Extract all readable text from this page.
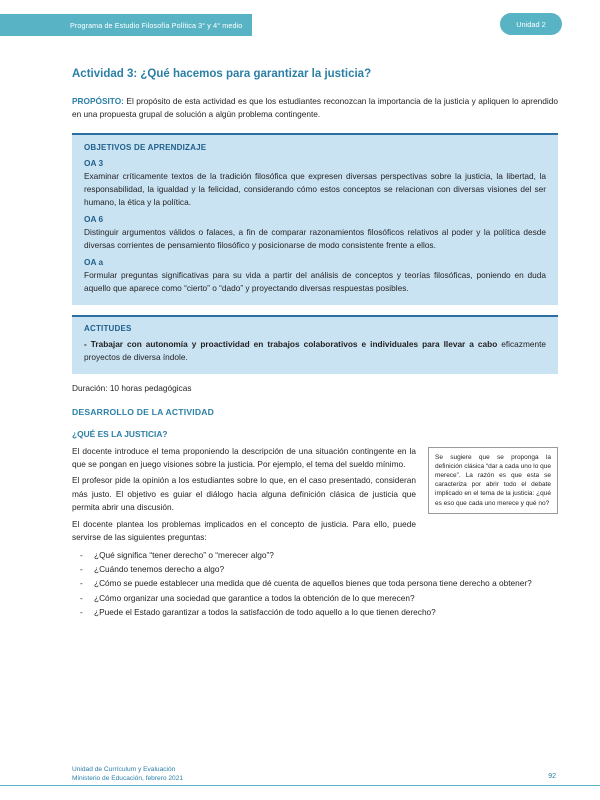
Programa de Estudio Filosofía Política 3° y 4° medio	Unidad 2
Actividad 3: ¿Qué hacemos para garantizar la justicia?
PROPÓSITO: El propósito de esta actividad es que los estudiantes reconozcan la importancia de la justicia y apliquen lo aprendido en una propuesta grupal de solución a algún problema contingente.
OBJETIVOS DE APRENDIZAJE
OA 3
Examinar críticamente textos de la tradición filosófica que expresen diversas perspectivas sobre la justicia, la libertad, la responsabilidad, la igualdad y la felicidad, considerando cómo estos conceptos se relacionan con diversas visiones del ser humano, la ética y la política.
OA 6
Distinguir argumentos válidos o falaces, a fin de comparar razonamientos filosóficos relativos al poder y la política desde diversas corrientes de pensamiento filosófico y posicionarse de modo consistente frente a ellos.
OA a
Formular preguntas significativas para su vida a partir del análisis de conceptos y teorías filosóficas, poniendo en duda aquello que aparece como “cierto” o “dado” y proyectando diversas respuestas posibles.
ACTITUDES
- Trabajar con autonomía y proactividad en trabajos colaborativos e individuales para llevar a cabo eficazmente proyectos de diversa índole.
Duración: 10 horas pedagógicas
DESARROLLO DE LA ACTIVIDAD
¿QUÉ ES LA JUSTICIA?
Se sugiere que se proponga la definición clásica “dar a cada uno lo que merece”. La razón es que esta se caracteriza por abrir todo el debate implicado en el tema de la justicia: ¿qué es eso que cada uno merece y qué no?
El docente introduce el tema proponiendo la descripción de una situación contingente en la que se pongan en juego visiones sobre la justicia. Por ejemplo, el tema del sueldo mínimo.
El profesor pide la opinión a los estudiantes sobre lo que, en el caso presentado, consideran más justo. El objetivo es guiar el diálogo hacia alguna definición clásica de justicia que permita abrir una discusión.
El docente plantea los problemas implicados en el concepto de justicia. Para ello, puede servirse de las siguientes preguntas:
-	¿Qué significa “tener derecho” o “merecer algo”?
-	¿Cuándo tenemos derecho a algo?
-	¿Cómo se puede establecer una medida que dé cuenta de aquellos bienes que toda persona tiene derecho a obtener?
-	¿Cómo organizar una sociedad que garantice a todos la obtención de lo que merecen?
-	¿Puede el Estado garantizar a todos la satisfacción de todo aquello a lo que tienen derecho?
Unidad de Currículum y Evaluación
Ministerio de Educación, febrero 2021	92
